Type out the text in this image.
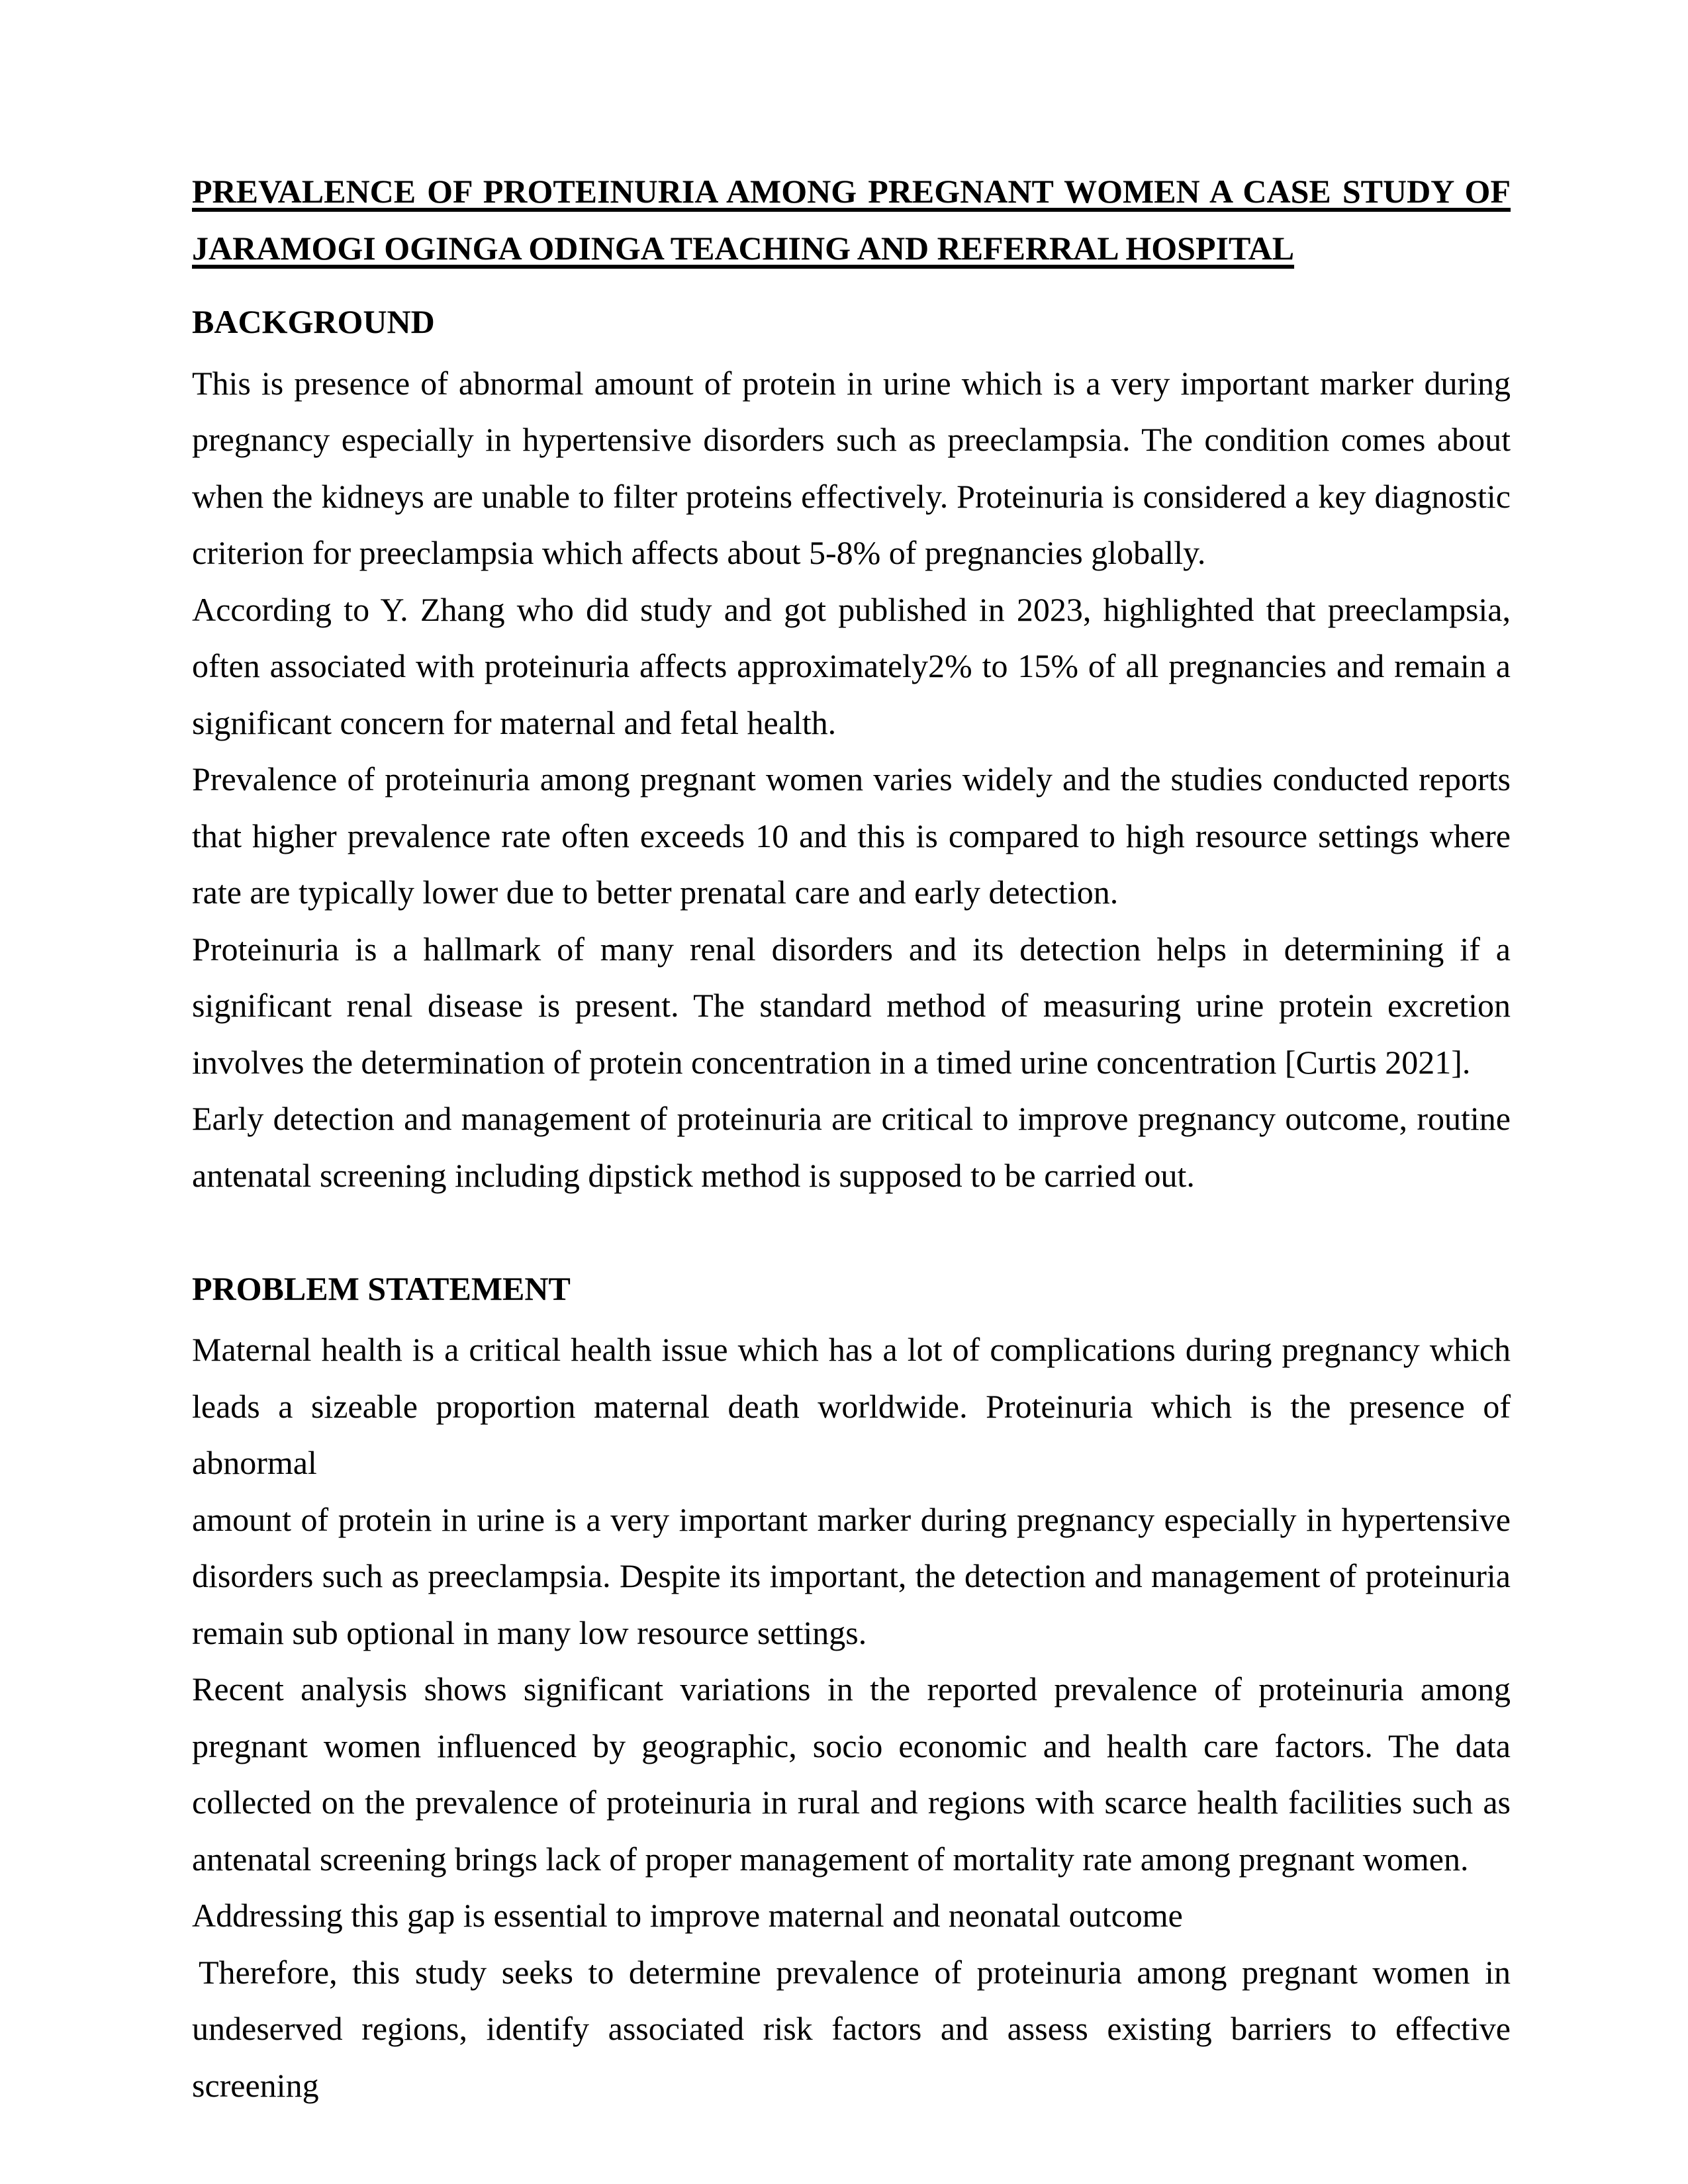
PREVALENCE OF PROTEINURIA AMONG PREGNANT WOMEN A CASE STUDY OF
JARAMOGI OGINGA ODINGA TEACHING AND REFERRAL HOSPITAL
BACKGROUND
This is presence of abnormal amount of protein in urine which is a very important marker during
pregnancy especially in hypertensive disorders such as preeclampsia. The condition comes about
when the kidneys are unable to filter proteins effectively. Proteinuria is considered a key diagnostic
criterion for preeclampsia which affects about 5-8% of pregnancies globally.
According to Y. Zhang who did study and got published in 2023, highlighted that preeclampsia,
often associated with proteinuria affects approximately2% to 15% of all pregnancies and remain a
significant concern for maternal and fetal health.
Prevalence of proteinuria among pregnant women varies widely and the studies conducted reports
that higher prevalence rate often exceeds 10 and this is compared to high resource settings where
rate are typically lower due to better prenatal care and early detection.
Proteinuria is a hallmark of many renal disorders and its detection helps in determining if a
significant renal disease is present. The standard method of measuring urine protein excretion
involves the determination of protein concentration in a timed urine concentration [Curtis 2021].
Early detection and management of proteinuria are critical to improve pregnancy outcome, routine
antenatal screening including dipstick method is supposed to be carried out.
PROBLEM STATEMENT
Maternal health is a critical health issue which has a lot of complications during pregnancy which
leads a sizeable proportion maternal death worldwide. Proteinuria which is the presence of abnormal
amount of protein in urine is a very important marker during pregnancy especially in hypertensive
disorders such as preeclampsia. Despite its important, the detection and management of proteinuria
remain sub optional in many low resource settings.
Recent analysis shows significant variations in the reported prevalence of proteinuria among
pregnant women influenced by geographic, socio economic and health care factors. The data
collected on the prevalence of proteinuria in rural and regions with scarce health facilities such as
antenatal screening brings lack of proper management of mortality rate among pregnant women.
Addressing this gap is essential to improve maternal and neonatal outcome
Therefore, this study seeks to determine prevalence of proteinuria among pregnant women in
undeserved regions, identify associated risk factors and assess existing barriers to effective screening
